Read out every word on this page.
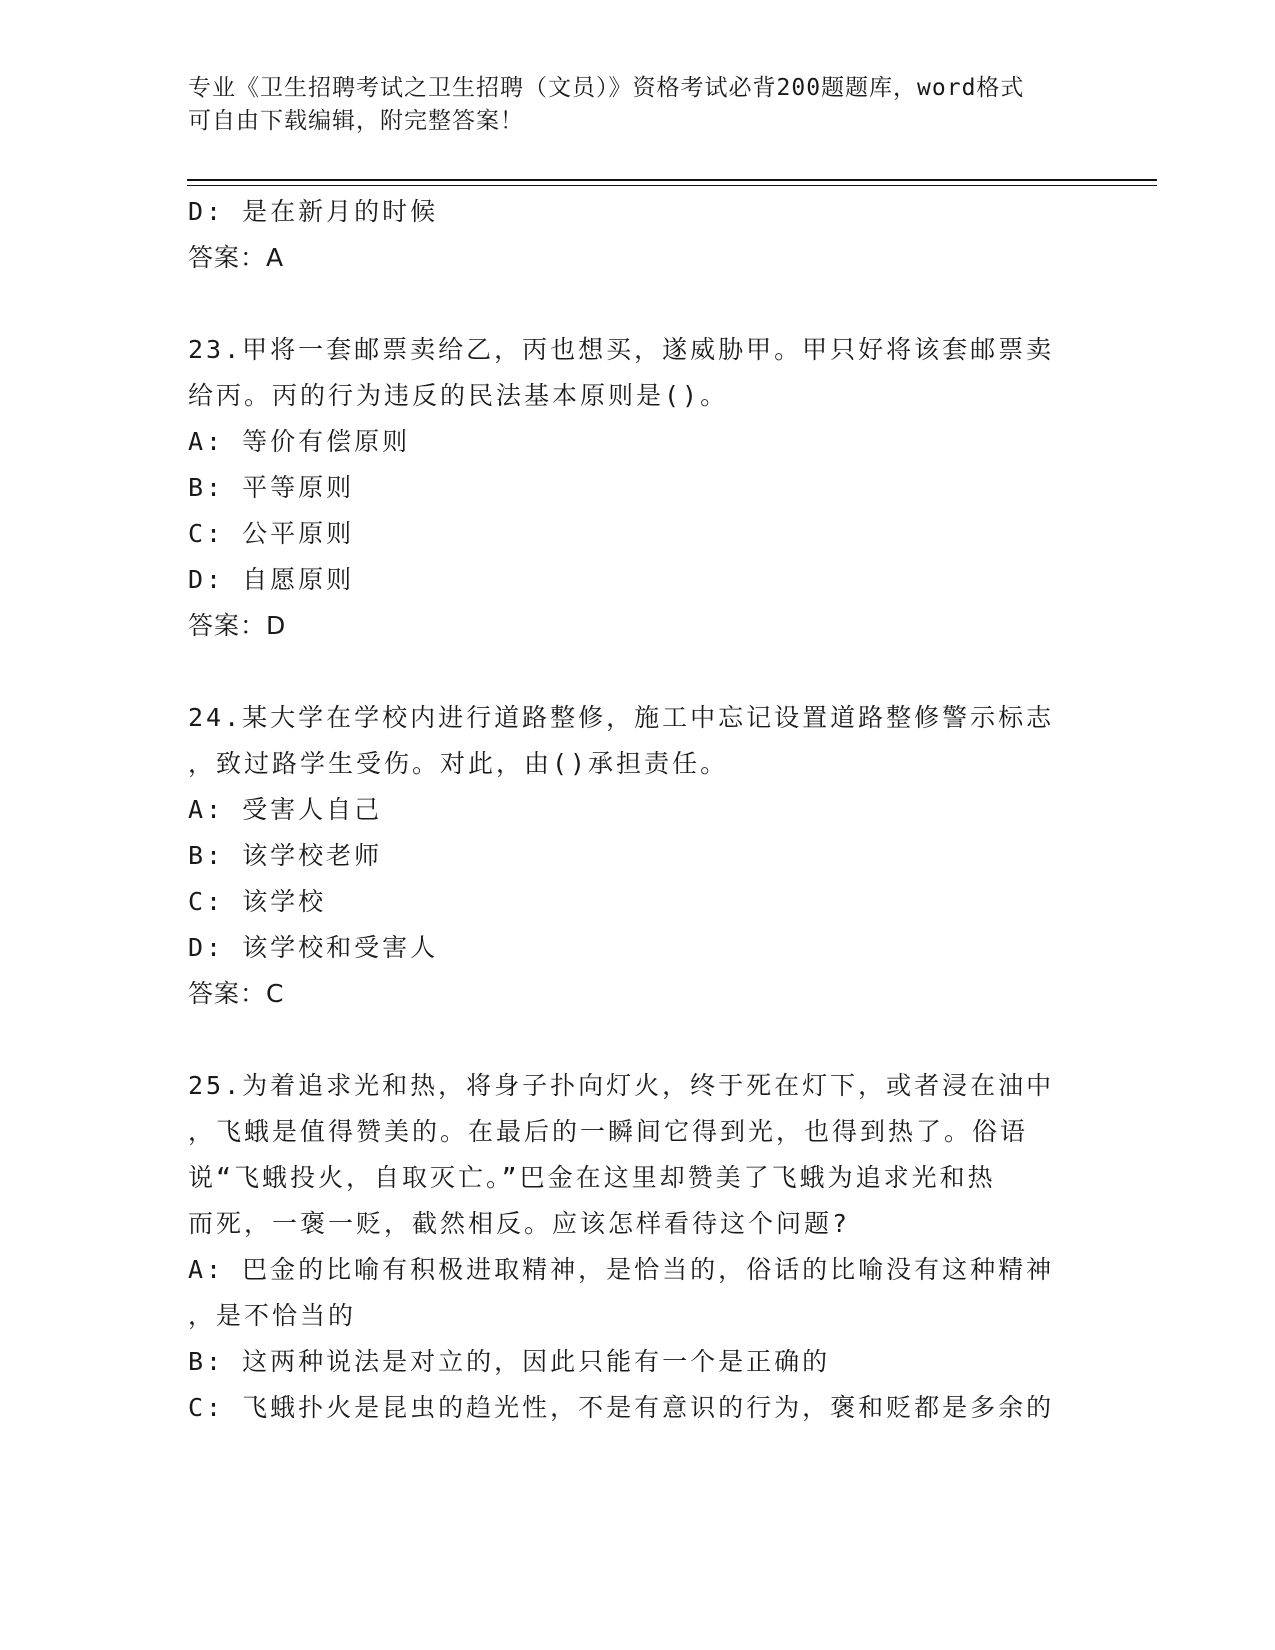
专业《卫生招聘考试之卫生招聘（文员）》资格考试必背200题题库，word格式
可自由下载编辑，附完整答案！
D: 是在新月的时候
答案：A
23.甲将一套邮票卖给乙，丙也想买，遂威胁甲。甲只好将该套邮票卖
给丙。丙的行为违反的民法基本原则是()。
A: 等价有偿原则
B: 平等原则
C: 公平原则
D: 自愿原则
答案：D
24.某大学在学校内进行道路整修，施工中忘记设置道路整修警示标志
，致过路学生受伤。对此，由()承担责任。
A: 受害人自己
B: 该学校老师
C: 该学校
D: 该学校和受害人
答案：C
25.为着追求光和热，将身子扑向灯火，终于死在灯下，或者浸在油中
，飞蛾是值得赞美的。在最后的一瞬间它得到光，也得到热了。俗语
说“飞蛾投火，自取灭亡。”巴金在这里却赞美了飞蛾为追求光和热
而死，一褒一贬，截然相反。应该怎样看待这个问题?
A: 巴金的比喻有积极进取精神，是恰当的，俗话的比喻没有这种精神
，是不恰当的
B: 这两种说法是对立的，因此只能有一个是正确的
C: 飞蛾扑火是昆虫的趋光性，不是有意识的行为，褒和贬都是多余的
